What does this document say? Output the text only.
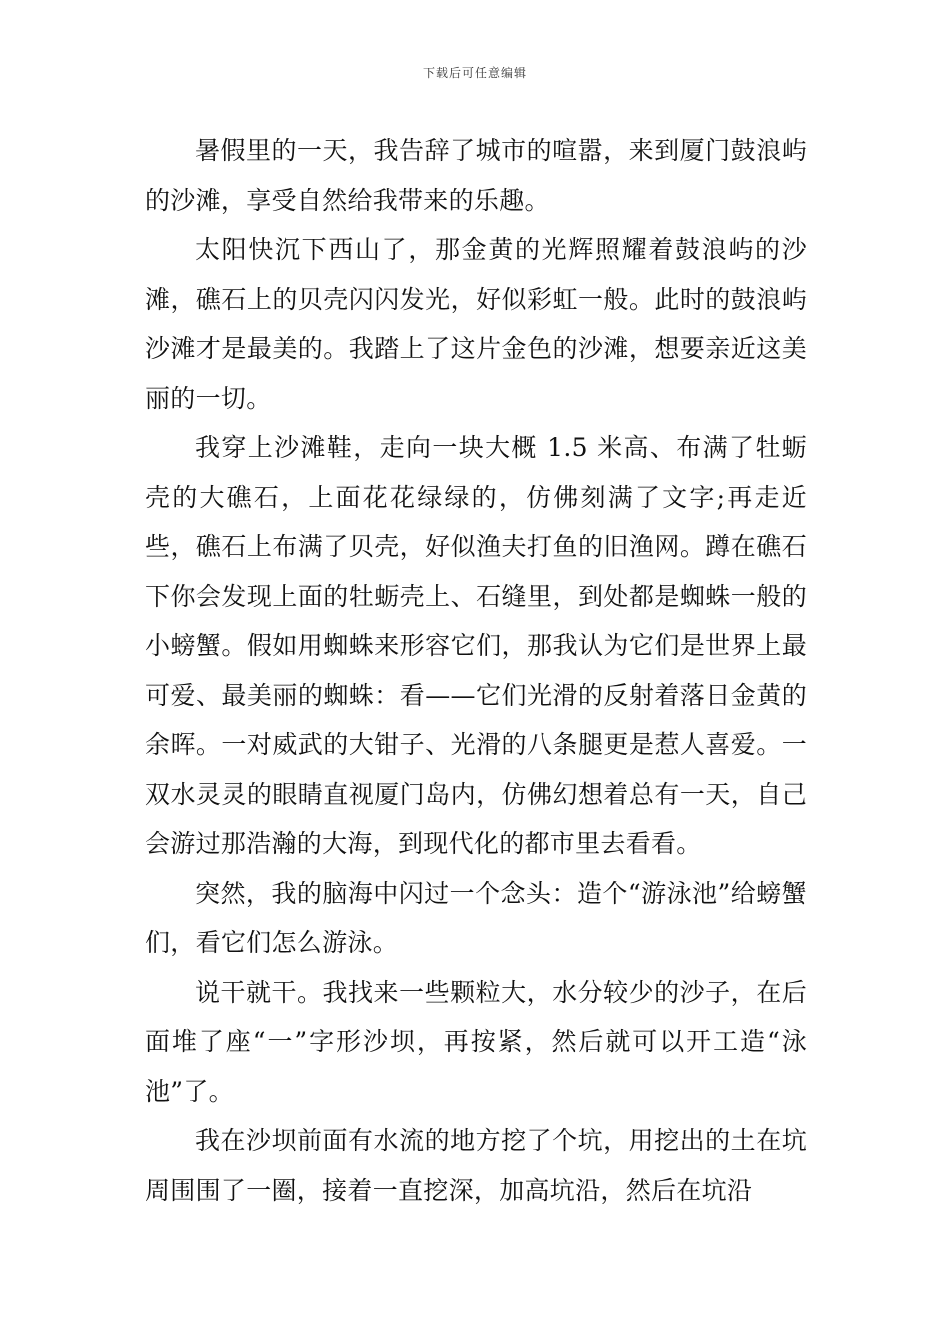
下载后可任意编辑

暑假里的一天，我告辞了城市的喧嚣，来到厦门鼓浪屿的沙滩，享受自然给我带来的乐趣。

太阳快沉下西山了，那金黄的光辉照耀着鼓浪屿的沙滩，礁石上的贝壳闪闪发光，好似彩虹一般。此时的鼓浪屿沙滩才是最美的。我踏上了这片金色的沙滩，想要亲近这美丽的一切。

我穿上沙滩鞋，走向一块大概 1.5 米高、布满了牡蛎壳的大礁石，上面花花绿绿的，仿佛刻满了文字;再走近些，礁石上布满了贝壳，好似渔夫打鱼的旧渔网。蹲在礁石下你会发现上面的牡蛎壳上、石缝里，到处都是蜘蛛一般的小螃蟹。假如用蜘蛛来形容它们，那我认为它们是世界上最可爱、最美丽的蜘蛛：看——它们光滑的反射着落日金黄的余晖。一对威武的大钳子、光滑的八条腿更是惹人喜爱。一双水灵灵的眼睛直视厦门岛内，仿佛幻想着总有一天，自己会游过那浩瀚的大海，到现代化的都市里去看看。

突然，我的脑海中闪过一个念头：造个“游泳池”给螃蟹们，看它们怎么游泳。

说干就干。我找来一些颗粒大，水分较少的沙子，在后面堆了座“一”字形沙坝，再按紧，然后就可以开工造“泳池”了。

我在沙坝前面有水流的地方挖了个坑，用挖出的土在坑周围围了一圈，接着一直挖深，加高坑沿，然后在坑沿
